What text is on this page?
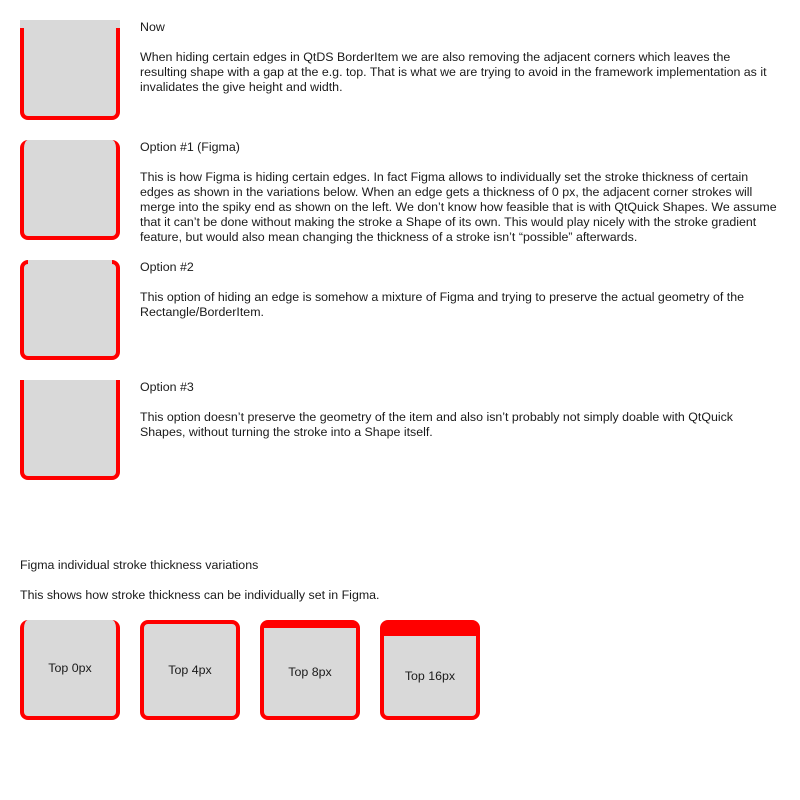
Now
When hiding certain edges in QtDS BorderItem we are also removing the adjacent corners which leaves the resulting shape with a gap at the e.g. top. That is what we are trying to avoid in the framework implementation as it invalidates the give height and width.
Option #1 (Figma)
This is how Figma is hiding certain edges. In fact Figma allows to individually set the stroke thickness of certain edges as shown in the variations below. When an edge gets a thickness of 0 px, the adjacent corner strokes will merge into the spiky end as shown on the left. We don’t know how feasible that is with QtQuick Shapes. We assume that it can’t be done without making the stroke a Shape of its own. This would play nicely with the stroke gradient feature, but would also mean changing the thickness of a stroke isn’t “possible” afterwards.
Option #2
This option of hiding an edge is somehow a mixture of Figma and trying to preserve the actual geometry of the Rectangle/BorderItem.
Option #3
This option doesn’t preserve the geometry of the item and also isn’t probably not simply doable with QtQuick Shapes, without turning the stroke into a Shape itself.
Figma individual stroke thickness variations
This shows how stroke thickness can be individually set in Figma.
Top 0px	Top 4px	Top 8px	Top 16px
